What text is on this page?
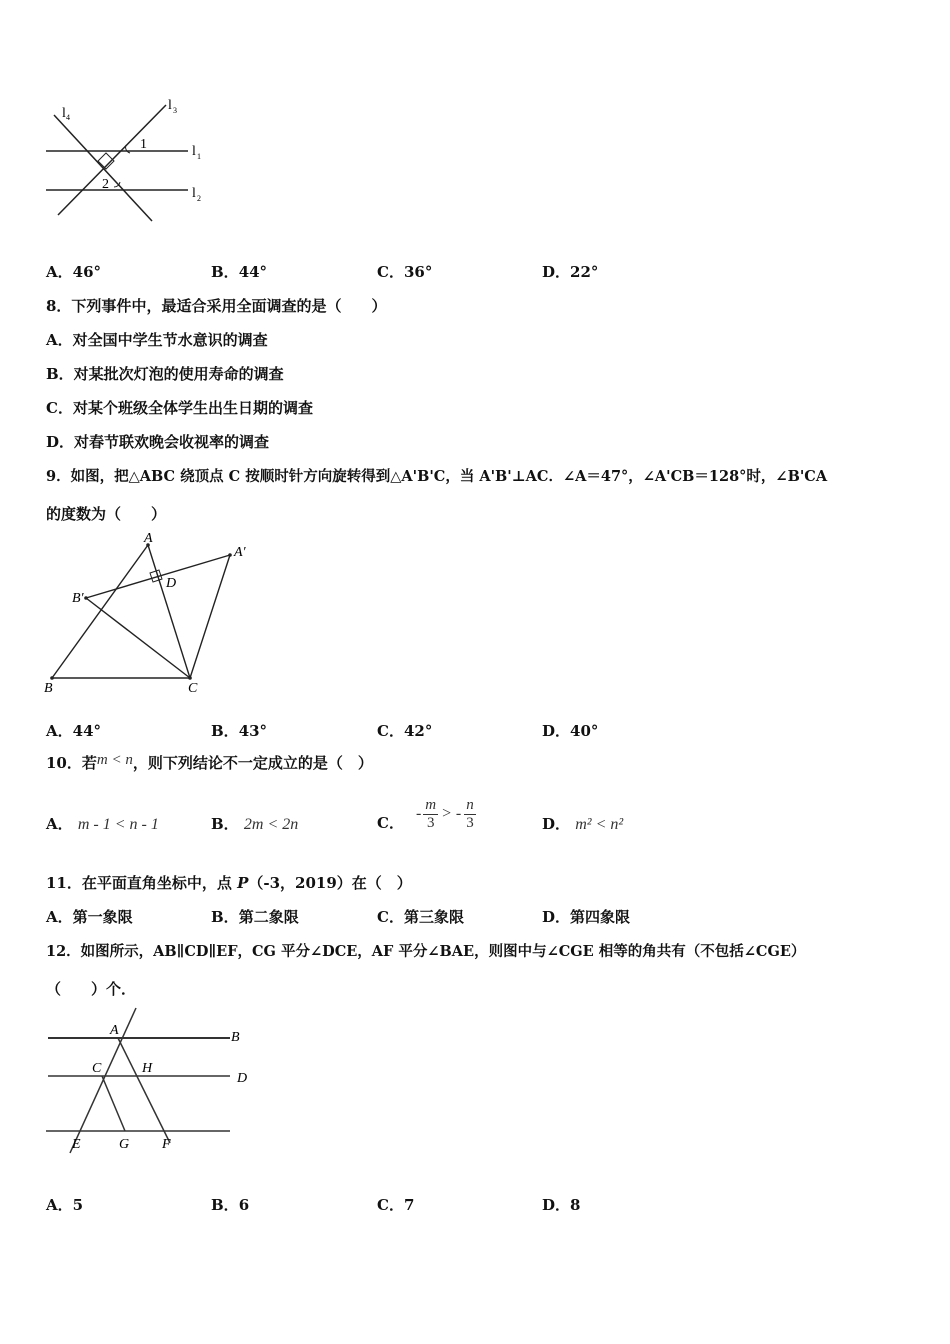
l 4
l 3
l 1
l 2
1
2
A．46°	B．44°	C．36°	D．22°
8．下列事件中，最适合采用全面调查的是（　　）
A．对全国中学生节水意识的调查
B．对某批次灯泡的使用寿命的调查
C．对某个班级全体学生出生日期的调查
D．对春节联欢晚会收视率的调查
9．如图，把△ABC 绕顶点 C 按顺时针方向旋转得到△A'B'C，当 A'B'⊥AC．∠A＝47°，∠A'CB＝128°时，∠B'CA
的度数为（　　）
A
A′
B′
D
B	C
A．44°	B．43°	C．42°	D．40°
10．若m < n，则下列结论不一定成立的是（　）
A． m - 1 < n - 1	B． 2m < 2n	C． - $\frac{m}{3}$ > - $\frac{n}{3}$	D． m² < n²
11．在平面直角坐标中，点 P（-3，2019）在（　）
A．第一象限	B．第二象限	C．第三象限	D．第四象限
12．如图所示，AB∥CD∥EF，CG 平分∠DCE，AF 平分∠BAE，则图中与∠CGE 相等的角共有（不包括∠CGE）
（　　）个．
A	B
C	H
D
E	G F
A．5	B．6	C．7	D．8
